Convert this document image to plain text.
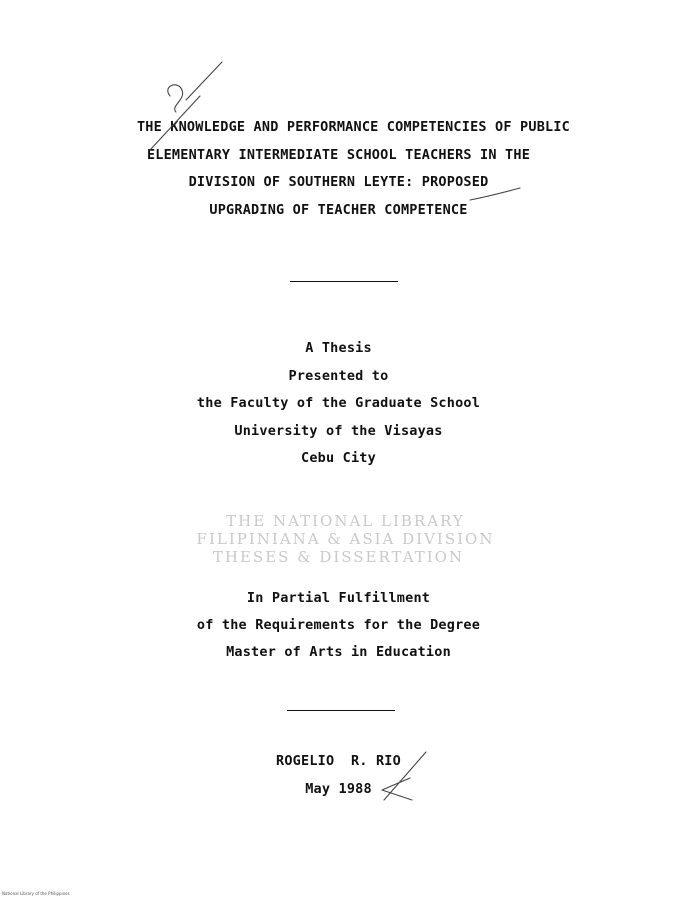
THE KNOWLEDGE AND PERFORMANCE COMPETENCIES OF PUBLIC
ELEMENTARY INTERMEDIATE SCHOOL TEACHERS IN THE
DIVISION OF SOUTHERN LEYTE: PROPOSED
UPGRADING OF TEACHER COMPETENCE
A Thesis
Presented to
the Faculty of the Graduate School
University of the Visayas
Cebu City
THE NATIONAL LIBRARY
FILIPINIANA & ASIA DIVISION
THESES & DISSERTATION
In Partial Fulfillment
of the Requirements for the Degree
Master of Arts in Education
ROGELIO  R. RIO
May 1988
National Library of the Philippines
